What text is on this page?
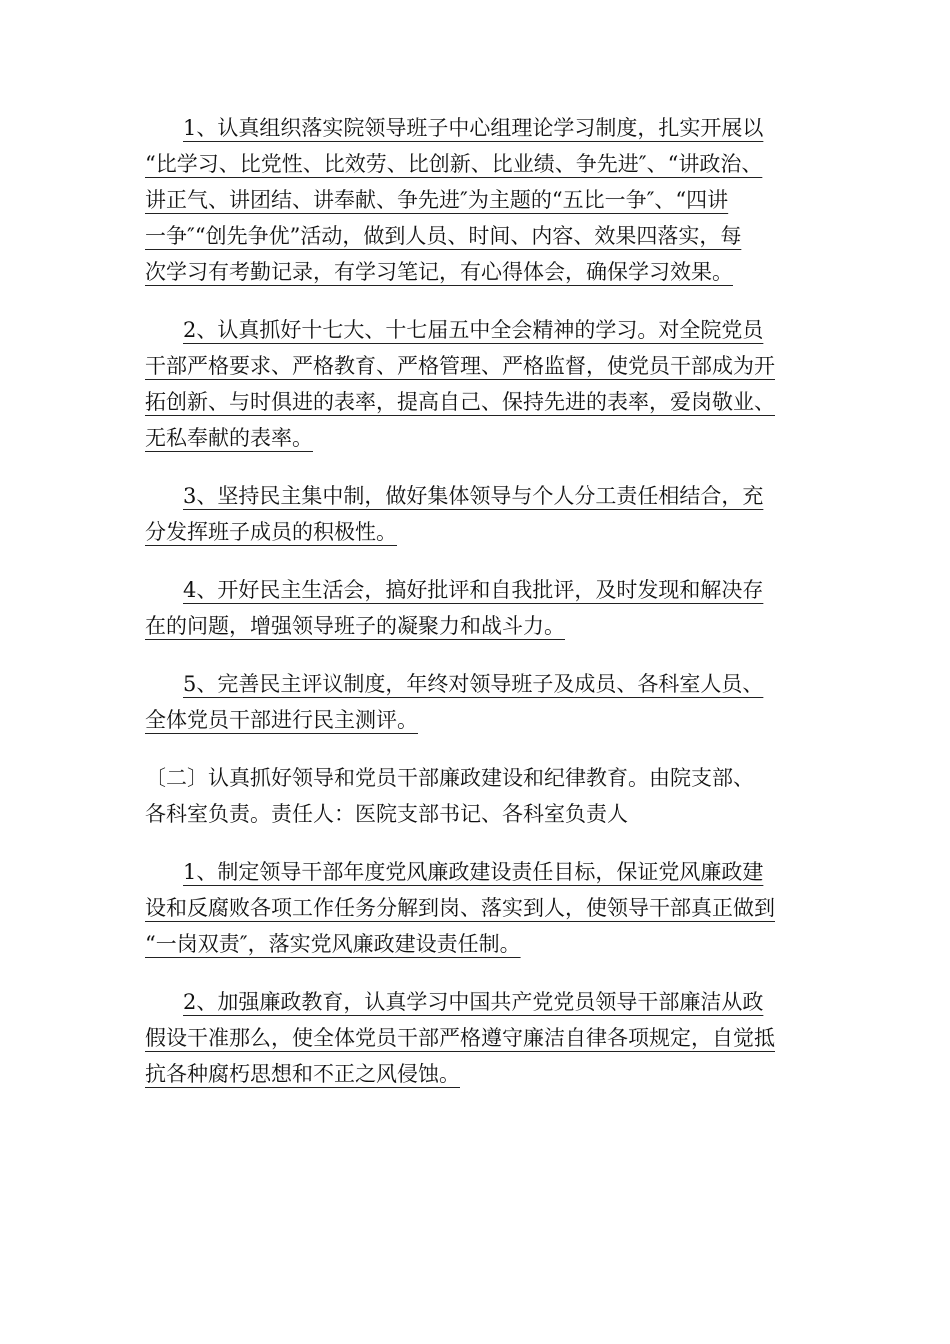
1、认真组织落实院领导班子中心组理论学习制度，扎实开展以
“比学习、比党性、比效劳、比创新、比业绩、争先进″、“讲政治、
讲正气、讲团结、讲奉献、争先进″为主题的“五比一争″、“四讲
一争″“创先争优”活动，做到人员、时间、内容、效果四落实，每
次学习有考勤记录，有学习笔记，有心得体会，确保学习效果。
2、认真抓好十七大、十七届五中全会精神的学习。对全院党员
干部严格要求、严格教育、严格管理、严格监督，使党员干部成为开
拓创新、与时俱进的表率，提高自己、保持先进的表率，爱岗敬业、
无私奉献的表率。
3、坚持民主集中制，做好集体领导与个人分工责任相结合，充
分发挥班子成员的积极性。
4、开好民主生活会，搞好批评和自我批评，及时发现和解决存
在的问题，增强领导班子的凝聚力和战斗力。
5、完善民主评议制度，年终对领导班子及成员、各科室人员、
全体党员干部进行民主测评。
〔二〕认真抓好领导和党员干部廉政建设和纪律教育。由院支部、
各科室负责。责任人：医院支部书记、各科室负责人
1、制定领导干部年度党风廉政建设责任目标，保证党风廉政建
设和反腐败各项工作任务分解到岗、落实到人，使领导干部真正做到
“一岗双责″，落实党风廉政建设责任制。
2、加强廉政教育，认真学习中国共产党党员领导干部廉洁从政
假设干准那么，使全体党员干部严格遵守廉洁自律各项规定，自觉抵
抗各种腐朽思想和不正之风侵蚀。
